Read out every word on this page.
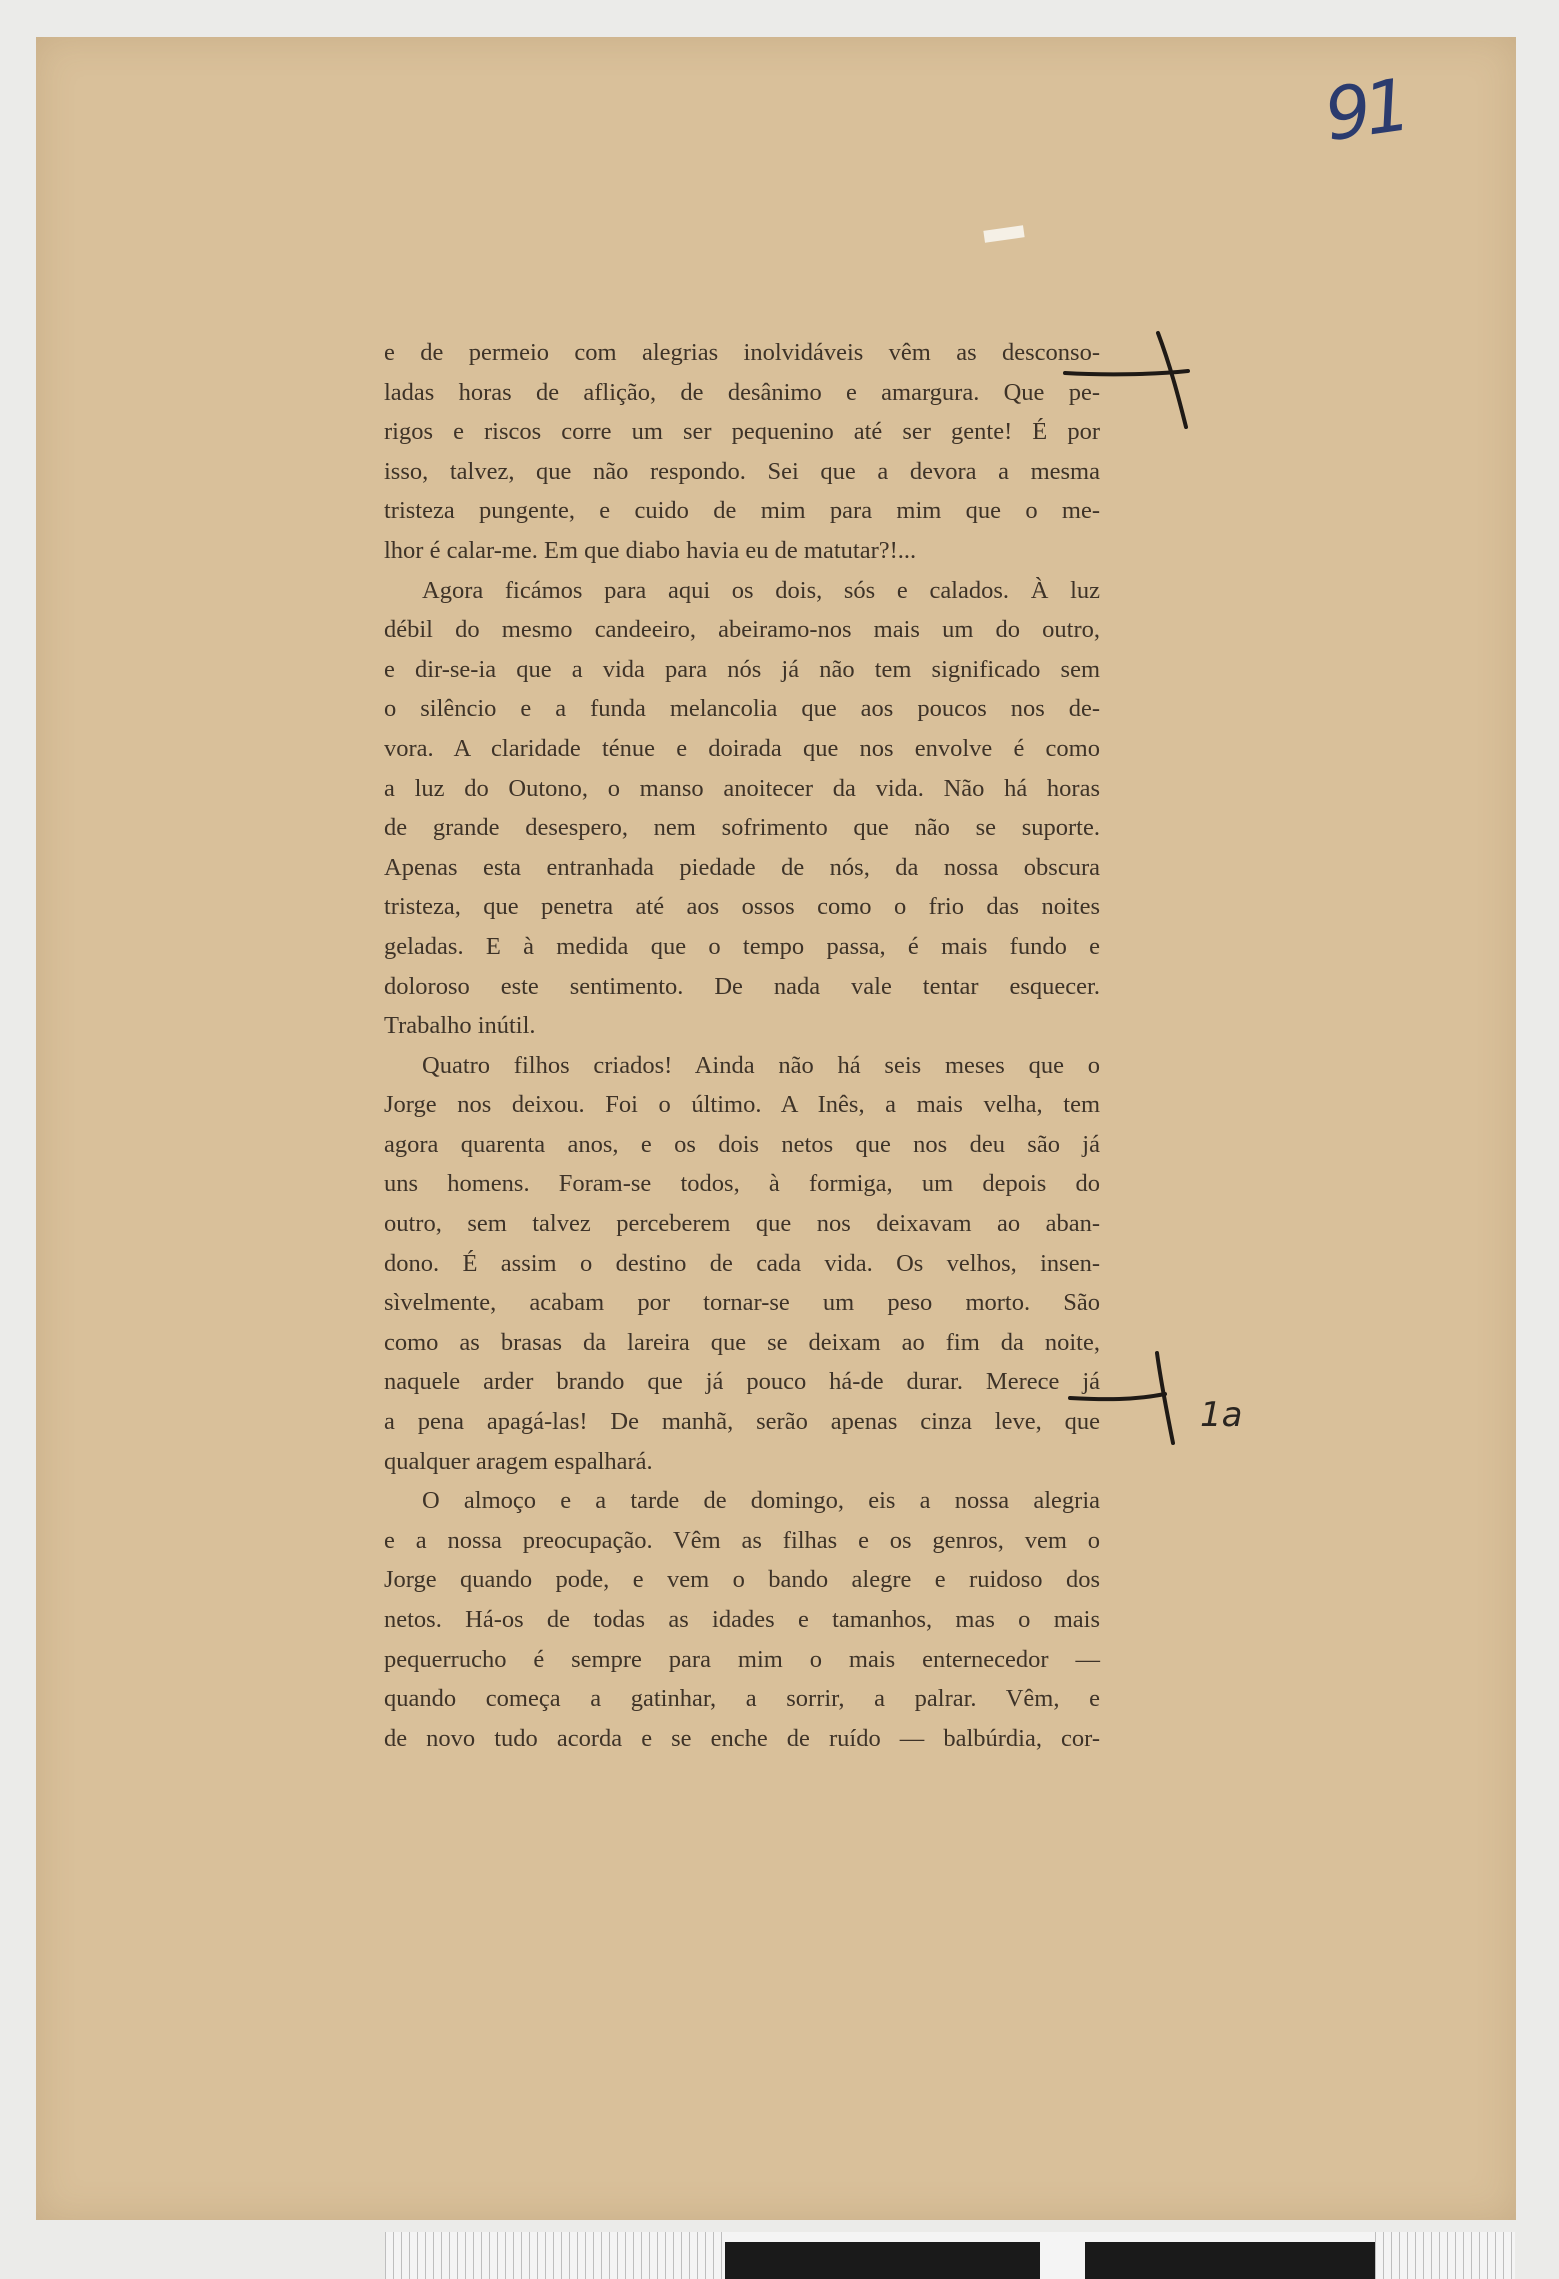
91
e de permeio com alegrias inolvidáveis vêm as desconso-
ladas horas de aflição, de desânimo e amargura. Que pe-
rigos e riscos corre um ser pequenino até ser gente! É por
isso, talvez, que não respondo. Sei que a devora a mesma
tristeza pungente, e cuido de mim para mim que o me-
lhor é calar-me. Em que diabo havia eu de matutar?!...
Agora ficámos para aqui os dois, sós e calados. À luz
débil do mesmo candeeiro, abeiramo-nos mais um do outro,
e dir-se-ia que a vida para nós já não tem significado sem
o silêncio e a funda melancolia que aos poucos nos de-
vora. A claridade ténue e doirada que nos envolve é como
a luz do Outono, o manso anoitecer da vida. Não há horas
de grande desespero, nem sofrimento que não se suporte.
Apenas esta entranhada piedade de nós, da nossa obscura
tristeza, que penetra até aos ossos como o frio das noites
geladas. E à medida que o tempo passa, é mais fundo e
doloroso este sentimento. De nada vale tentar esquecer.
Trabalho inútil.
Quatro filhos criados! Ainda não há seis meses que o
Jorge nos deixou. Foi o último. A Inês, a mais velha, tem
agora quarenta anos, e os dois netos que nos deu são já
uns homens. Foram-se todos, à formiga, um depois do
outro, sem talvez perceberem que nos deixavam ao aban-
dono. É assim o destino de cada vida. Os velhos, insen-
sìvelmente, acabam por tornar-se um peso morto. São
como as brasas da lareira que se deixam ao fim da noite,
naquele arder brando que já pouco há-de durar. Merece já
a pena apagá-las! De manhã, serão apenas cinza leve, que
qualquer aragem espalhará.
O almoço e a tarde de domingo, eis a nossa alegria
e a nossa preocupação. Vêm as filhas e os genros, vem o
Jorge quando pode, e vem o bando alegre e ruidoso dos
netos. Há-os de todas as idades e tamanhos, mas o mais
pequerrucho é sempre para mim o mais enternecedor —
quando começa a gatinhar, a sorrir, a palrar. Vêm, e
de novo tudo acorda e se enche de ruído — balbúrdia, cor-
1a
